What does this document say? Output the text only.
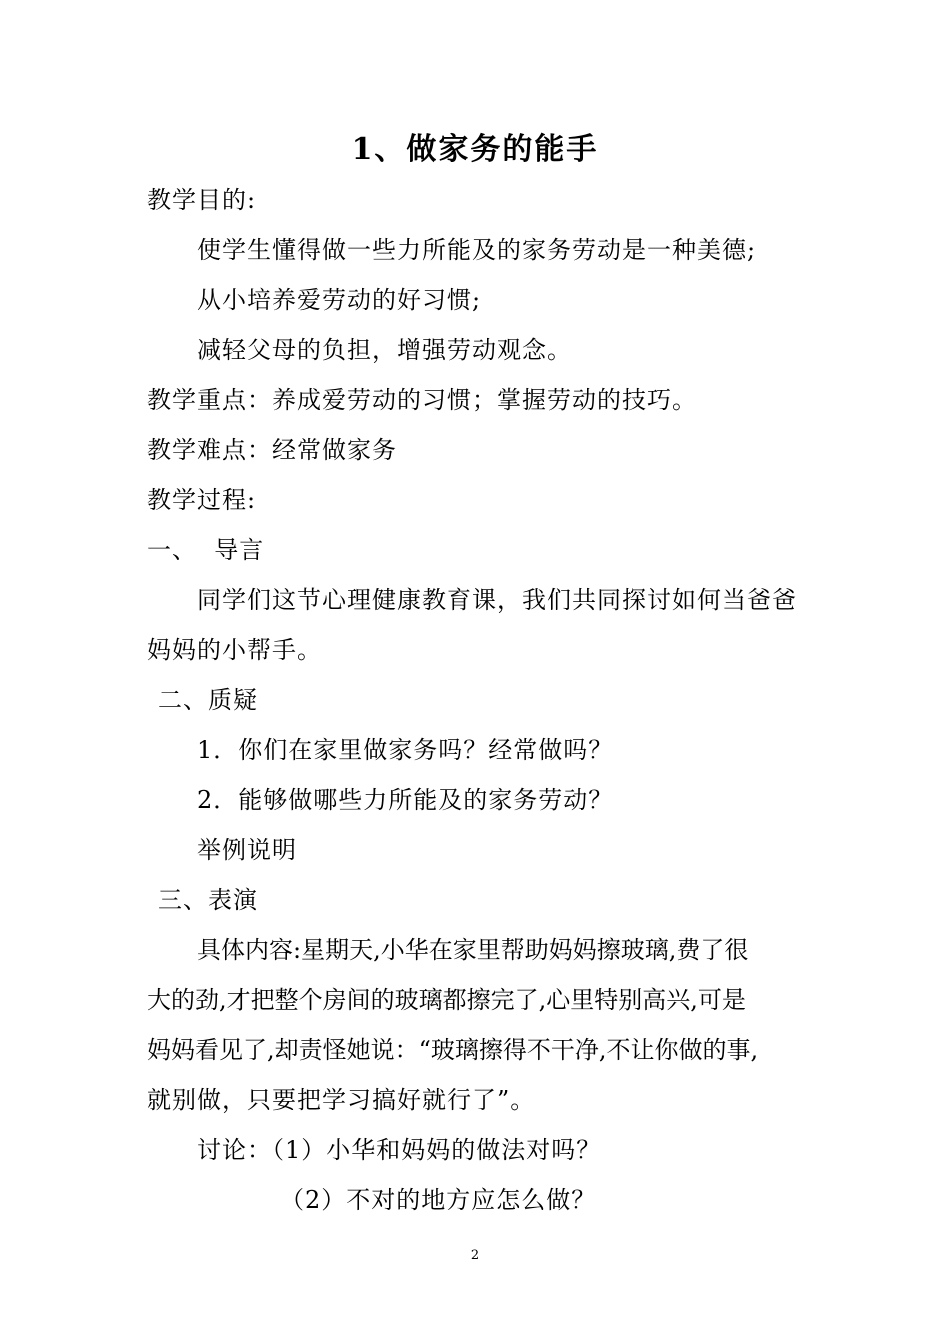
1、做家务的能手

教学目的:

使学生懂得做一些力所能及的家务劳动是一种美德;

从小培养爱劳动的好习惯;

减轻父母的负担，增强劳动观念。

教学重点：养成爱劳动的习惯；掌握劳动的技巧。

教学难点：经常做家务

教学过程:

一、  导言

同学们这节心理健康教育课，我们共同探讨如何当爸爸

妈妈的小帮手。

二、质疑

1．你们在家里做家务吗？经常做吗？

2．能够做哪些力所能及的家务劳动？

举例说明

三、表演

具体内容:星期天,小华在家里帮助妈妈擦玻璃,费了很

大的劲,才把整个房间的玻璃都擦完了,心里特别高兴,可是

妈妈看见了,却责怪她说：“玻璃擦得不干净,不让你做的事,

就别做，只要把学习搞好就行了”。

讨论：（1）小华和妈妈的做法对吗？

（2）不对的地方应怎么做？

2
